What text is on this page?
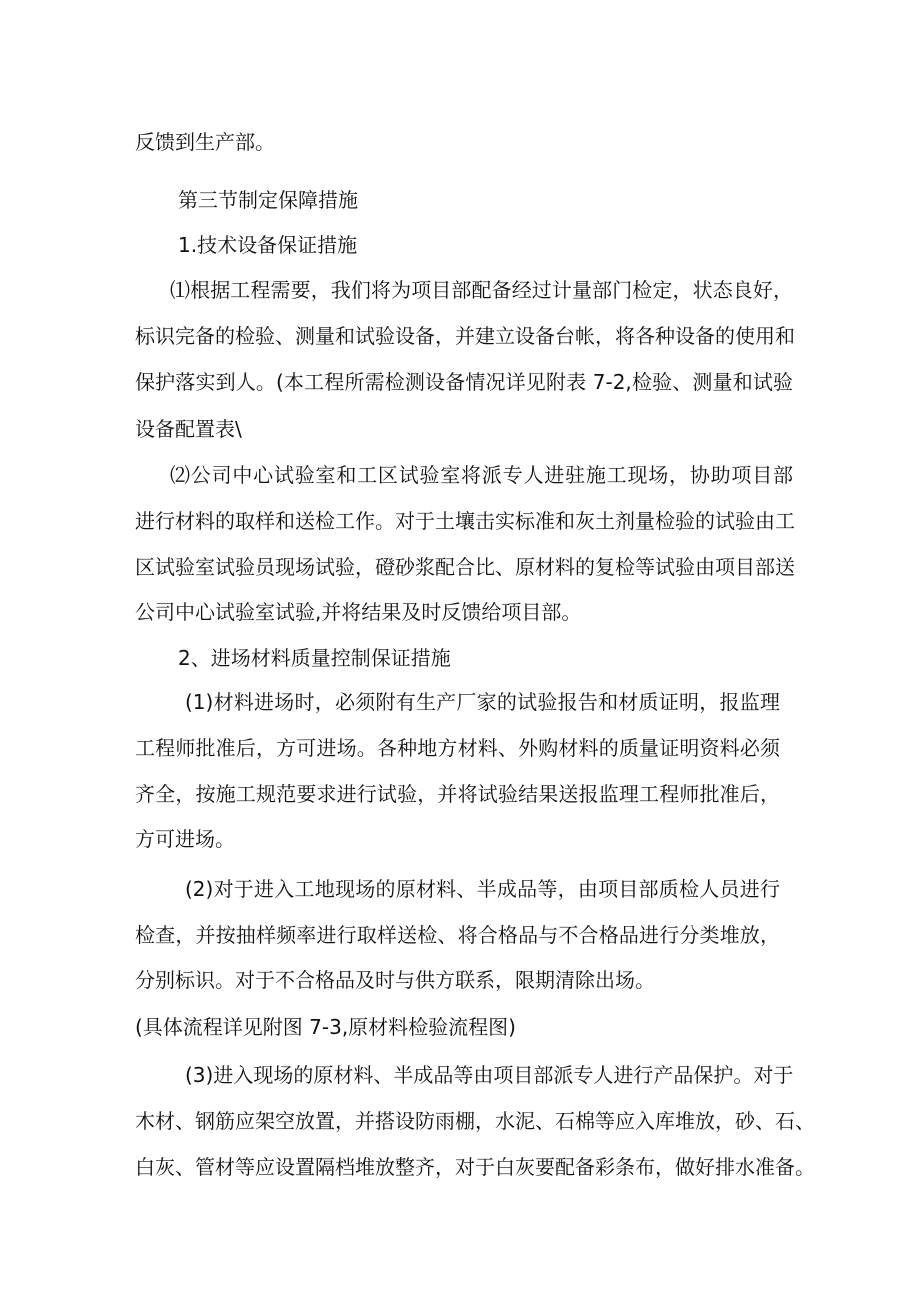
反馈到生产部。
第三节制定保障措施
1.技术设备保证措施
⑴根据工程需要，我们将为项目部配备经过计量部门检定，状态良好，
标识完备的检验、测量和试验设备，并建立设备台帐，将各种设备的使用和
保护落实到人。(本工程所需检测设备情况详见附表 7-2,检验、测量和试验
设备配置表\
⑵公司中心试验室和工区试验室将派专人进驻施工现场，协助项目部
进行材料的取样和送检工作。对于土壤击实标准和灰土剂量检验的试验由工
区试验室试验员现场试验，磴砂浆配合比、原材料的复检等试验由项目部送
公司中心试验室试验,并将结果及时反馈给项目部。
2、进场材料质量控制保证措施
(1)材料进场时，必须附有生产厂家的试验报告和材质证明，报监理
工程师批准后，方可进场。各种地方材料、外购材料的质量证明资料必须
齐全，按施工规范要求进行试验，并将试验结果送报监理工程师批准后，
方可进场。
(2)对于进入工地现场的原材料、半成品等，由项目部质检人员进行
检查，并按抽样频率进行取样送检、将合格品与不合格品进行分类堆放，
分别标识。对于不合格品及时与供方联系，限期清除出场。
(具体流程详见附图 7-3,原材料检验流程图)
(3)进入现场的原材料、半成品等由项目部派专人进行产品保护。对于
木材、钢筋应架空放置，并搭设防雨棚，水泥、石棉等应入库堆放，砂、石、
白灰、管材等应设置隔档堆放整齐，对于白灰要配备彩条布，做好排水准备。
